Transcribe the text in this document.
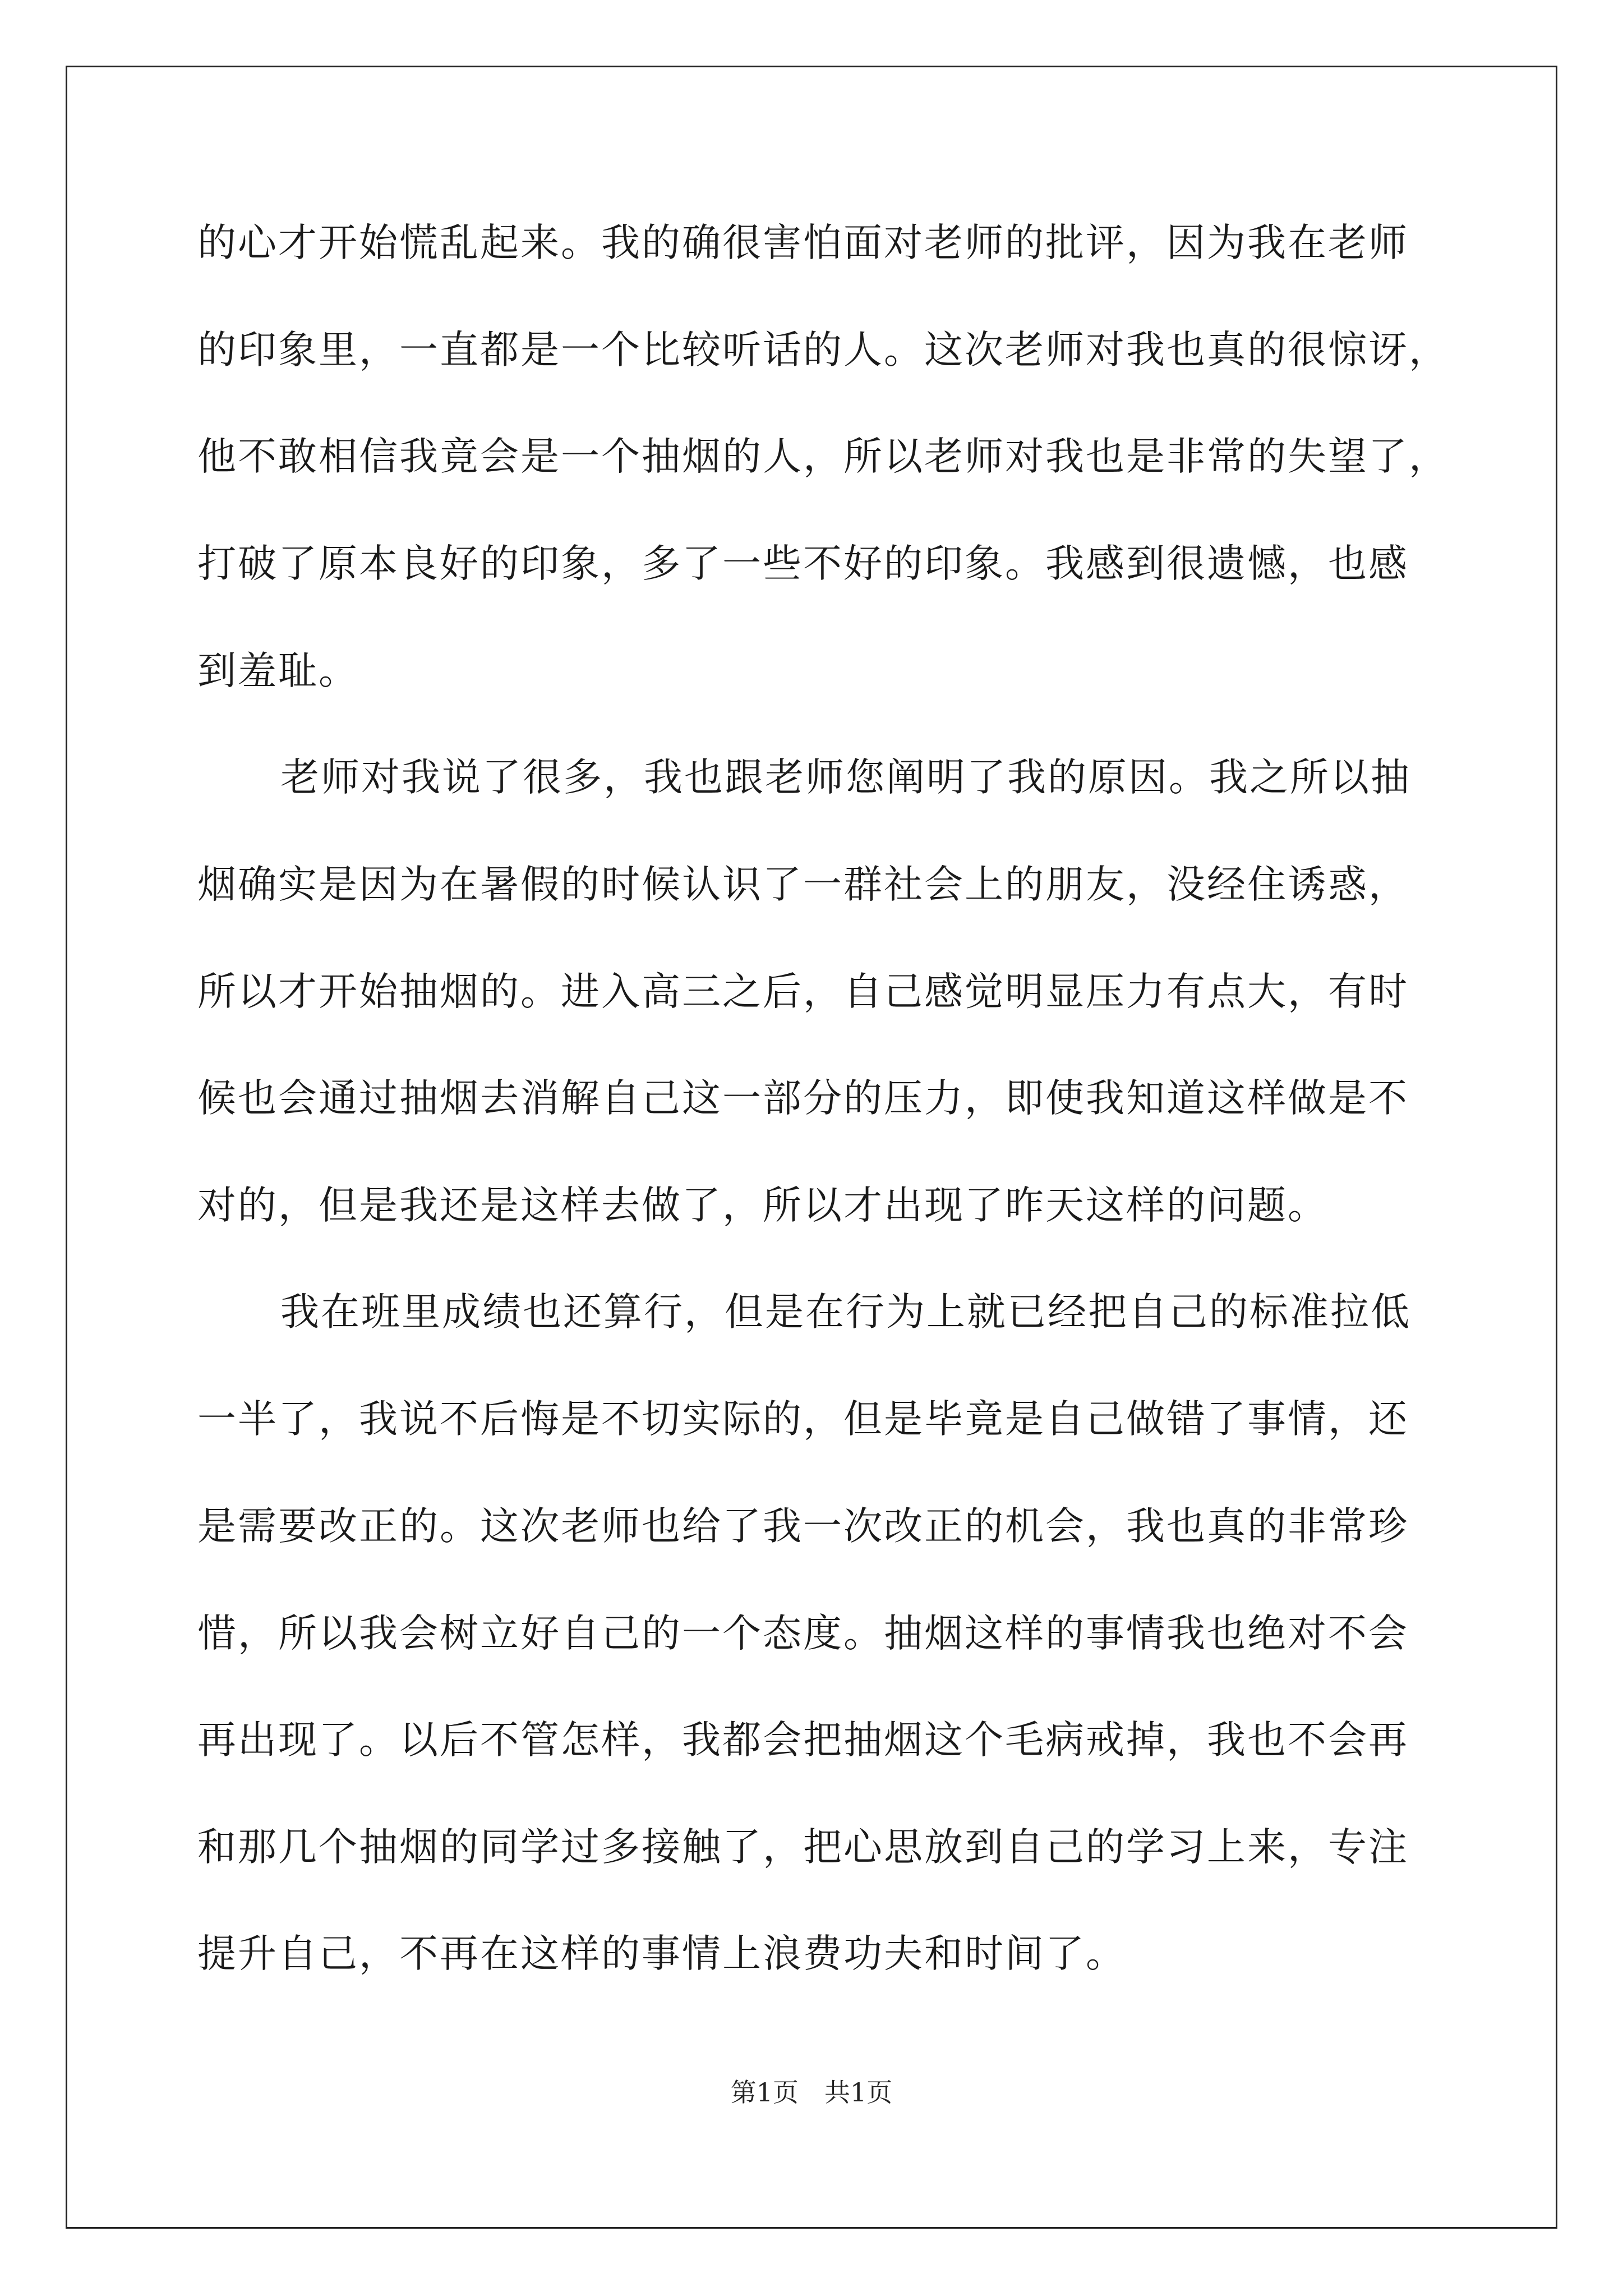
的心才开始慌乱起来。我的确很害怕面对老师的批评，因为我在老师
的印象里，一直都是一个比较听话的人。这次老师对我也真的很惊讶，
他不敢相信我竟会是一个抽烟的人，所以老师对我也是非常的失望了，
打破了原本良好的印象，多了一些不好的印象。我感到很遗憾，也感
到羞耻。
老师对我说了很多，我也跟老师您阐明了我的原因。我之所以抽
烟确实是因为在暑假的时候认识了一群社会上的朋友，没经住诱惑，
所以才开始抽烟的。进入高三之后，自己感觉明显压力有点大，有时
候也会通过抽烟去消解自己这一部分的压力，即使我知道这样做是不
对的，但是我还是这样去做了，所以才出现了昨天这样的问题。
我在班里成绩也还算行，但是在行为上就已经把自己的标准拉低
一半了，我说不后悔是不切实际的，但是毕竟是自己做错了事情，还
是需要改正的。这次老师也给了我一次改正的机会，我也真的非常珍
惜，所以我会树立好自己的一个态度。抽烟这样的事情我也绝对不会
再出现了。以后不管怎样，我都会把抽烟这个毛病戒掉，我也不会再
和那几个抽烟的同学过多接触了，把心思放到自己的学习上来，专注
提升自己，不再在这样的事情上浪费功夫和时间了。
第1页 共1页
